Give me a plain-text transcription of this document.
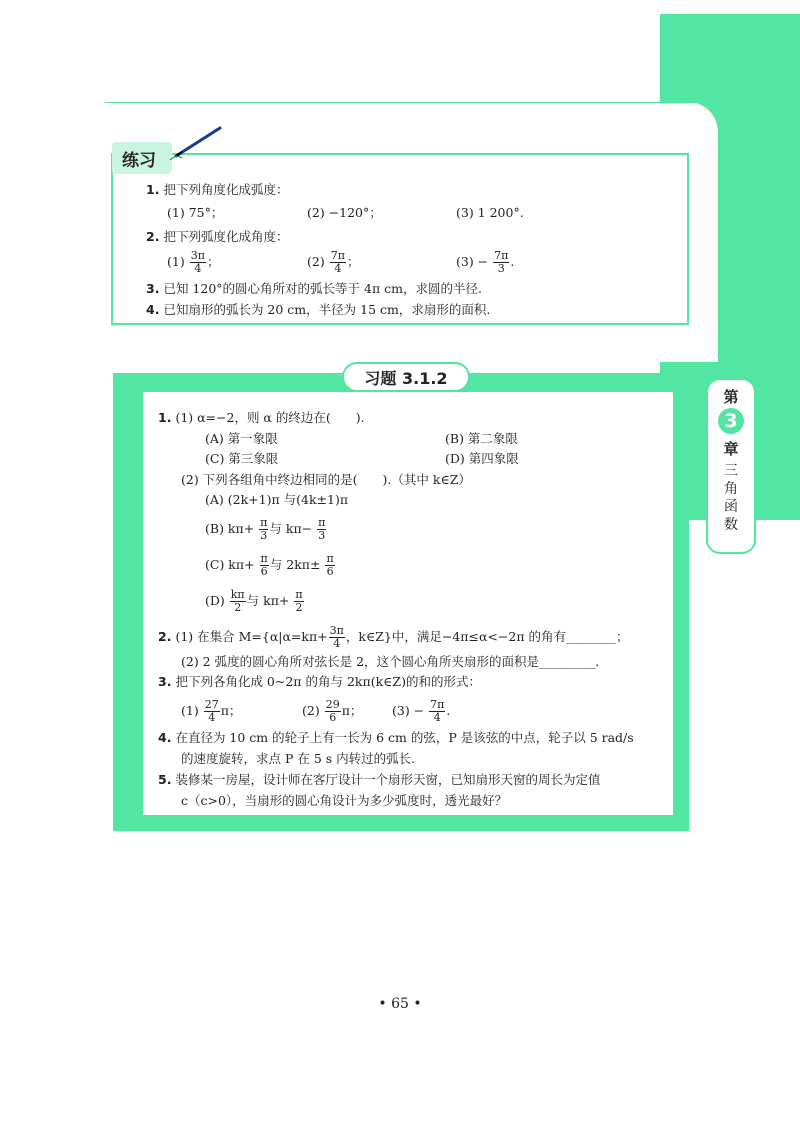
第
3
章
三
角
函
数
练习
1. 把下列角度化成弧度：
(1) 75°；	(2) −120°；	(3) 1 200°.
2. 把下列弧度化成角度：
$(1) \frac{3\pi}{4}$ ；	$(2) \frac{7\pi}{4}$ ；	$(3) - \frac{7\pi}{3}$ .
3. 已知 120°的圆心角所对的弧长等于 4π cm，求圆的半径.
4. 已知扇形的弧长为 20 cm，半径为 15 cm，求扇形的面积.
习题 3.1.2
1. (1) α=−2，则 α 的终边在(　　).
(A) 第一象限	(B) 第二象限
(C) 第三象限	(D) 第四象限
(2) 下列各组角中终边相同的是(　　).（其中 k∈Z）
(A) (2k+1)π 与(4k±1)π
(B) $k\pi+ \frac{\pi}{3}$ 与 $k\pi- \frac{\pi}{3}$
(C) $k\pi+ \frac{\pi}{6}$ 与 $2k\pi\pm \frac{\pi}{6}$
$(D) \frac{k\pi}{2}$ 与 $k\pi+ \frac{\pi}{2}$
2. (1) 在集合 $M=\{\alpha|\alpha=k\pi+ \frac{3\pi}{4}$ ，k∈Z}中，满足−4π≤α<−2π 的角有________；
(2) 2 弧度的圆心角所对弦长是 2，这个圆心角所夹扇形的面积是_________.
3. 把下列各角化成 0~2π 的角与 2kπ(k∈Z)的和的形式：
$(1) \frac{27}{4}$ π；	$(2) \frac{29}{6}$ π； $(3) - \frac{7\pi}{4}$ .
4. 在直径为 10 cm 的轮子上有一长为 6 cm 的弦，P 是该弦的中点，轮子以 5 rad/s
的速度旋转，求点 P 在 5 s 内转过的弧长.
5. 装修某一房屋，设计师在客厅设计一个扇形天窗，已知扇形天窗的周长为定值
c（c>0），当扇形的圆心角设计为多少弧度时，透光最好？
• 65 •
